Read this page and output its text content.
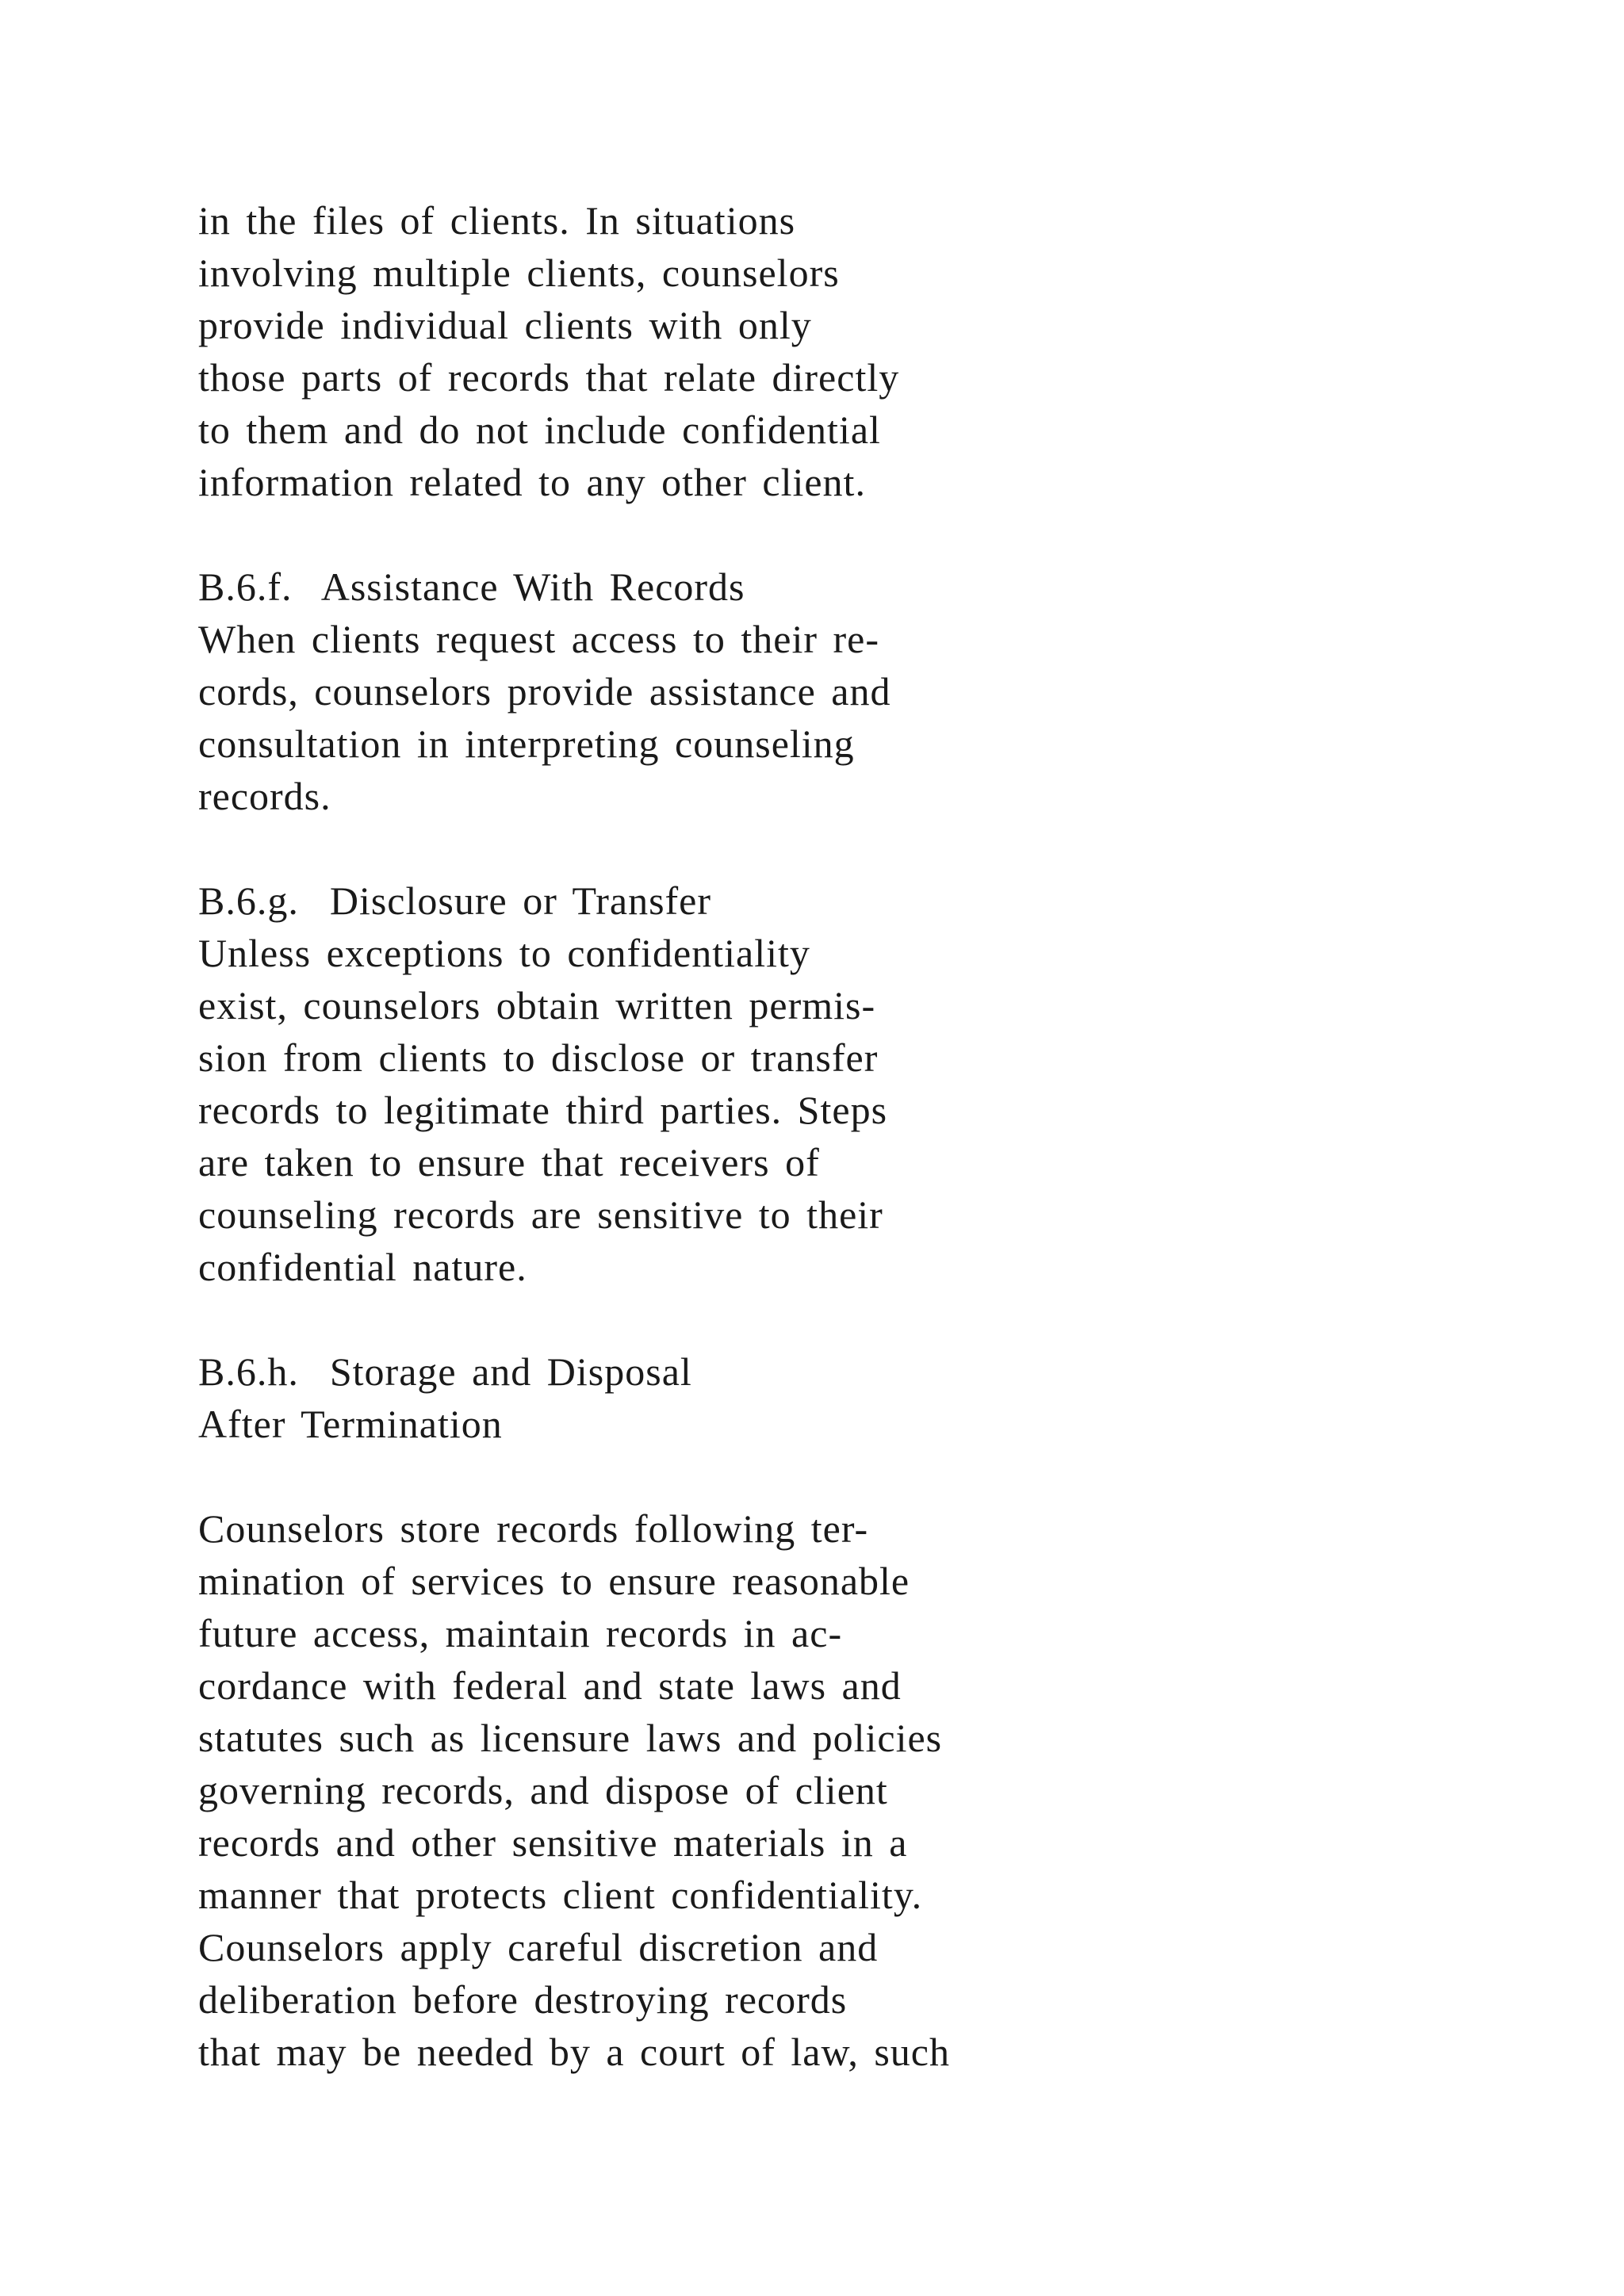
in the files of clients. In situations
involving multiple clients, counselors
provide individual clients with only
those parts of records that relate directly
to them and do not include confidential
information related to any other client.
B.6.f.  Assistance With Records
When clients request access to their re-
cords, counselors provide assistance and
consultation in interpreting counseling
records.
B.6.g.  Disclosure or Transfer
Unless exceptions to confidentiality
exist, counselors obtain written permis-
sion from clients to disclose or transfer
records to legitimate third parties. Steps
are taken to ensure that receivers of
counseling records are sensitive to their
confidential nature.
B.6.h.  Storage and Disposal
After Termination
Counselors store records following ter-
mination of services to ensure reasonable
future access, maintain records in ac-
cordance with federal and state laws and
statutes such as licensure laws and policies
governing records, and dispose of client
records and other sensitive materials in a
manner that protects client confidentiality.
Counselors apply careful discretion and
deliberation before destroying records
that may be needed by a court of law, such
